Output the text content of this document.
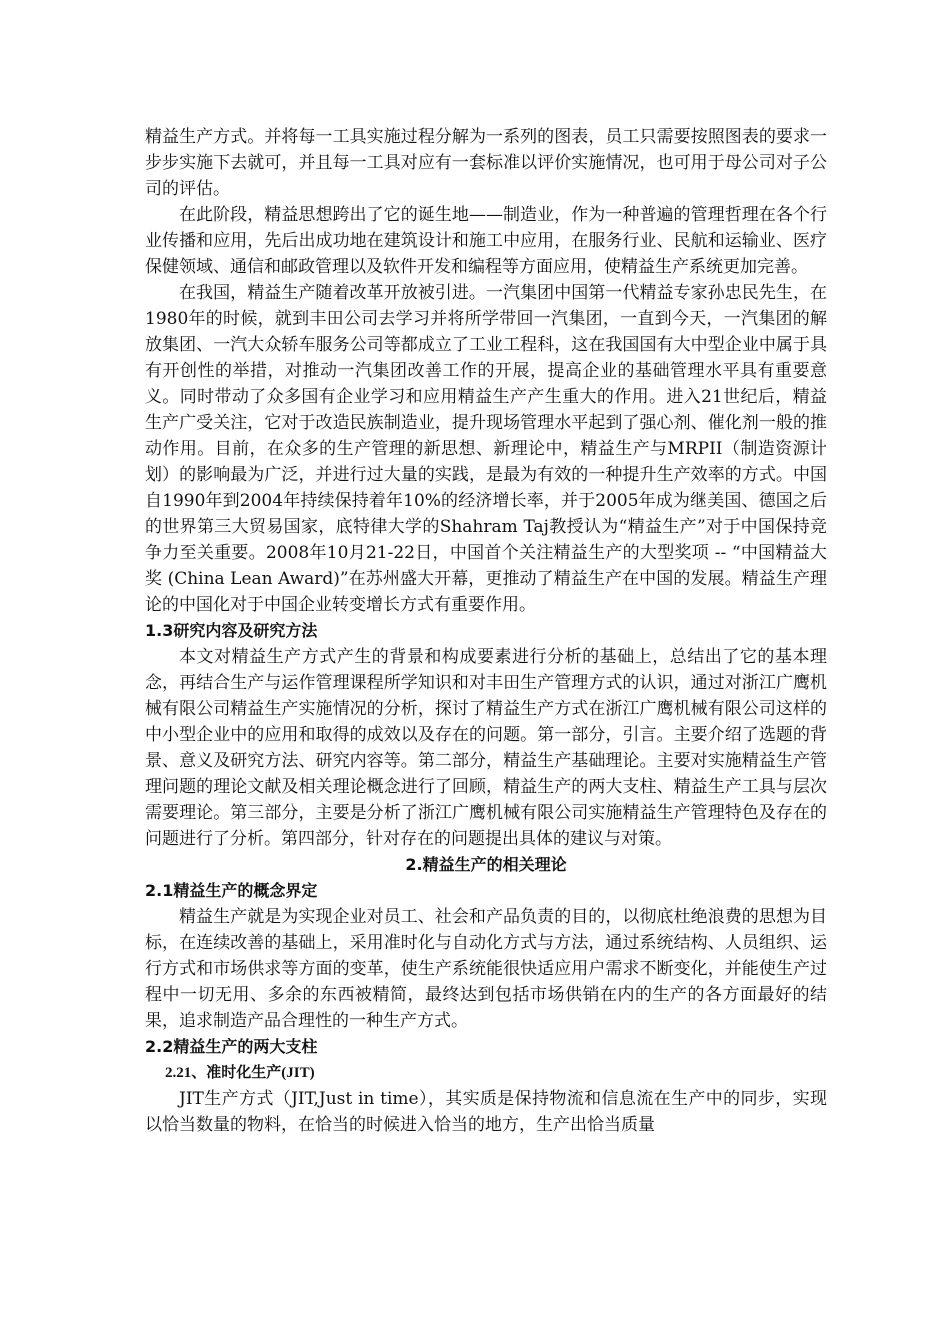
精益生产方式。并将每一工具实施过程分解为一系列的图表，员工只需要按照图表的要求一步步实施下去就可，并且每一工具对应有一套标准以评价实施情况，也可用于母公司对子公司的评估。

在此阶段，精益思想跨出了它的诞生地——制造业，作为一种普遍的管理哲理在各个行业传播和应用，先后出成功地在建筑设计和施工中应用，在服务行业、民航和运输业、医疗保健领域、通信和邮政管理以及软件开发和编程等方面应用，使精益生产系统更加完善。

在我国，精益生产随着改革开放被引进。一汽集团中国第一代精益专家孙忠民先生，在1980年的时候，就到丰田公司去学习并将所学带回一汽集团，一直到今天，一汽集团的解放集团、一汽大众轿车服务公司等都成立了工业工程科，这在我国国有大中型企业中属于具有开创性的举措，对推动一汽集团改善工作的开展，提高企业的基础管理水平具有重要意义。同时带动了众多国有企业学习和应用精益生产产生重大的作用。进入21世纪后，精益生产广受关注，它对于改造民族制造业，提升现场管理水平起到了强心剂、催化剂一般的推动作用。目前，在众多的生产管理的新思想、新理论中，精益生产与MRPII（制造资源计划）的影响最为广泛，并进行过大量的实践，是最为有效的一种提升生产效率的方式。中国自1990年到2004年持续保持着年10%的经济增长率，并于2005年成为继美国、德国之后的世界第三大贸易国家，底特律大学的Shahram Taj教授认为“精益生产”对于中国保持竞争力至关重要。2008年10月21-22日，中国首个关注精益生产的大型奖项 -- “中国精益大奖 (China Lean Award)”在苏州盛大开幕，更推动了精益生产在中国的发展。精益生产理论的中国化对于中国企业转变增长方式有重要作用。

1.3研究内容及研究方法

本文对精益生产方式产生的背景和构成要素进行分析的基础上，总结出了它的基本理念，再结合生产与运作管理课程所学知识和对丰田生产管理方式的认识，通过对浙江广鹰机械有限公司精益生产实施情况的分析，探讨了精益生产方式在浙江广鹰机械有限公司这样的中小型企业中的应用和取得的成效以及存在的问题。第一部分，引言。主要介绍了选题的背景、意义及研究方法、研究内容等。第二部分，精益生产基础理论。主要对实施精益生产管理问题的理论文献及相关理论概念进行了回顾，精益生产的两大支柱、精益生产工具与层次需要理论。第三部分，主要是分析了浙江广鹰机械有限公司实施精益生产管理特色及存在的问题进行了分析。第四部分，针对存在的问题提出具体的建议与对策。

2.精益生产的相关理论

2.1精益生产的概念界定

精益生产就是为实现企业对员工、社会和产品负责的目的，以彻底杜绝浪费的思想为目标，在连续改善的基础上，采用准时化与自动化方式与方法，通过系统结构、人员组织、运行方式和市场供求等方面的变革，使生产系统能很快适应用户需求不断变化，并能使生产过程中一切无用、多余的东西被精简，最终达到包括市场供销在内的生产的各方面最好的结果，追求制造产品合理性的一种生产方式。

2.2精益生产的两大支柱

2.21、准时化生产(JIT)

JIT生产方式（JIT,Just in time），其实质是保持物流和信息流在生产中的同步，实现以恰当数量的物料，在恰当的时候进入恰当的地方，生产出恰当质量
